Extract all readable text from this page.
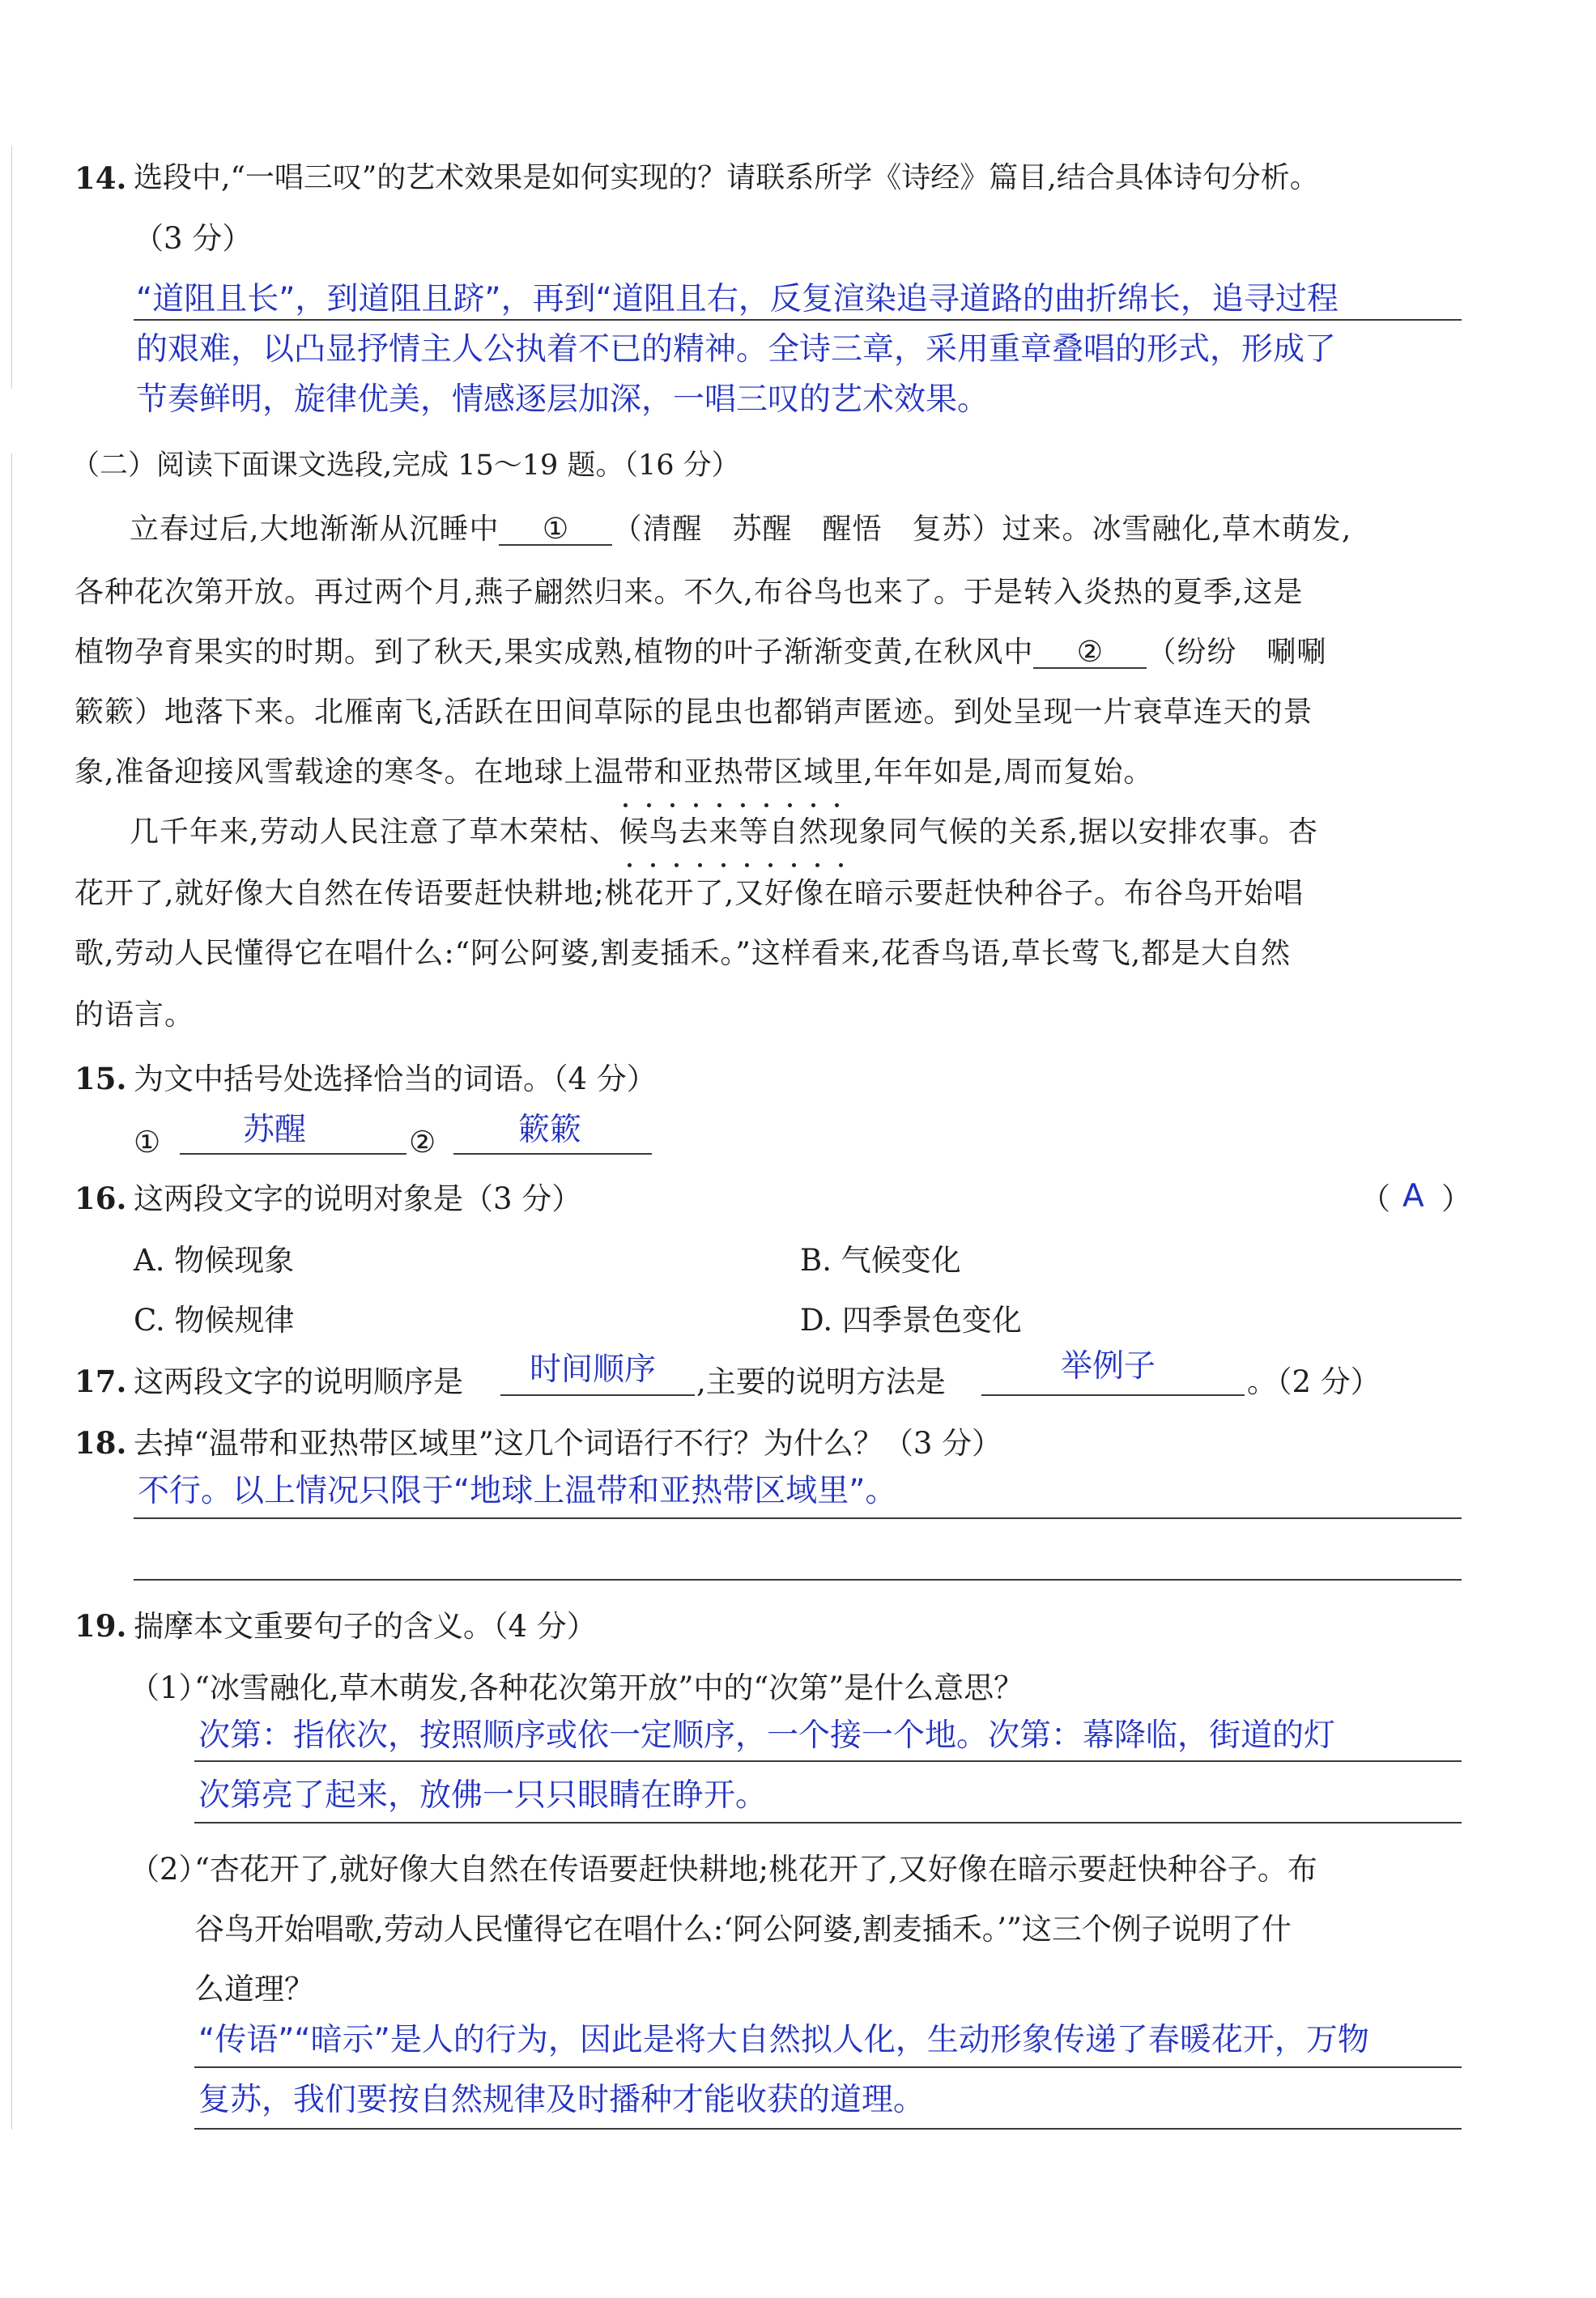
14. 选段中,“一唱三叹”的艺术效果是如何实现的？请联系所学《诗经》篇目,结合具体诗句分析。
（3 分）
“道阻且长”，到道阻且跻”，再到“道阻且右，反复渲染追寻道路的曲折绵长，追寻过程
的艰难，以凸显抒情主人公执着不已的精神。全诗三章，采用重章叠唱的形式，形成了
节奏鲜明，旋律优美，情感逐层加深，一唱三叹的艺术效果。
（二）阅读下面课文选段,完成 15～19 题。（16 分）
立春过后,大地渐渐从沉睡中 ① （清醒　苏醒　醒悟　复苏）过来。冰雪融化,草木萌发,
各种花次第开放。再过两个月,燕子翩然归来。不久,布谷鸟也来了。于是转入炎热的夏季,这是
植物孕育果实的时期。到了秋天,果实成熟,植物的叶子渐渐变黄,在秋风中 ② （纷纷　唰唰
簌簌）地落下来。北雁南飞,活跃在田间草际的昆虫也都销声匿迹。到处呈现一片衰草连天的景
象,准备迎接风雪载途的寒冬。在地球上温带和亚热带区域里,年年如是,周而复始。
几千年来,劳动人民注意了草木荣枯、候鸟去来等自然现象同气候的关系,据以安排农事。杏
花开了,就好像大自然在传语要赶快耕地;桃花开了,又好像在暗示要赶快种谷子。布谷鸟开始唱
歌,劳动人民懂得它在唱什么:“阿公阿婆,割麦插禾。”这样看来,花香鸟语,草长莺飞,都是大自然
的语言。
15. 为文中括号处选择恰当的词语。（4 分）
①	苏醒	②	簌簌
16. 这两段文字的说明对象是（3 分）	（ A ）
A. 物候现象	B. 气候变化
C. 物候规律	D. 四季景色变化
17. 这两段文字的说明顺序是 时间顺序 ,主要的说明方法是	举例子	。（2 分）
18. 去掉“温带和亚热带区域里”这几个词语行不行？为什么？（3 分）
不行。以上情况只限于“地球上温带和亚热带区域里”。
19. 揣摩本文重要句子的含义。（4 分）
（1）
“冰雪融化,草木萌发,各种花次第开放”中的“次第”是什么意思？
次第：指依次，按照顺序或依一定顺序，一个接一个地。次第：幕降临，街道的灯
次第亮了起来，放佛一只只眼睛在睁开。
（2）
“杏花开了,就好像大自然在传语要赶快耕地;桃花开了,又好像在暗示要赶快种谷子。布
谷鸟开始唱歌,劳动人民懂得它在唱什么:‘阿公阿婆,割麦插禾。’”这三个例子说明了什
么道理？
“传语”“暗示”是人的行为，因此是将大自然拟人化，生动形象传递了春暖花开，万物
复苏，我们要按自然规律及时播种才能收获的道理。
